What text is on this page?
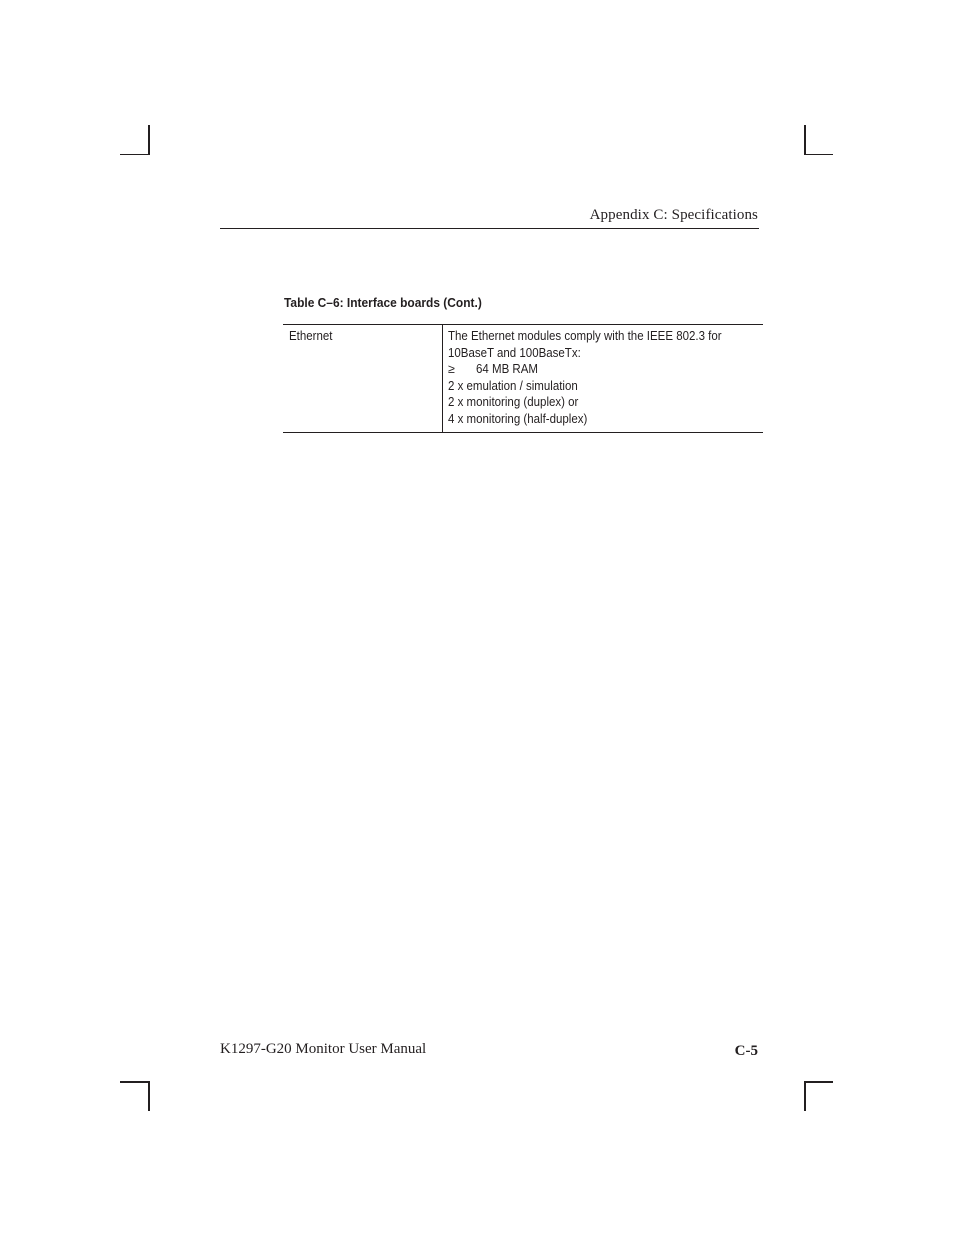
Appendix C: Specifications
Table C–6: Interface boards (Cont.)
Ethernet	The Ethernet modules comply with the IEEE 802.3 for
10BaseT and 100BaseTx:
≥ 64 MB RAM
2 x emulation / simulation
2 x monitoring (duplex) or
4 x monitoring (half-duplex)
K1297-G20 Monitor User Manual	C-5
